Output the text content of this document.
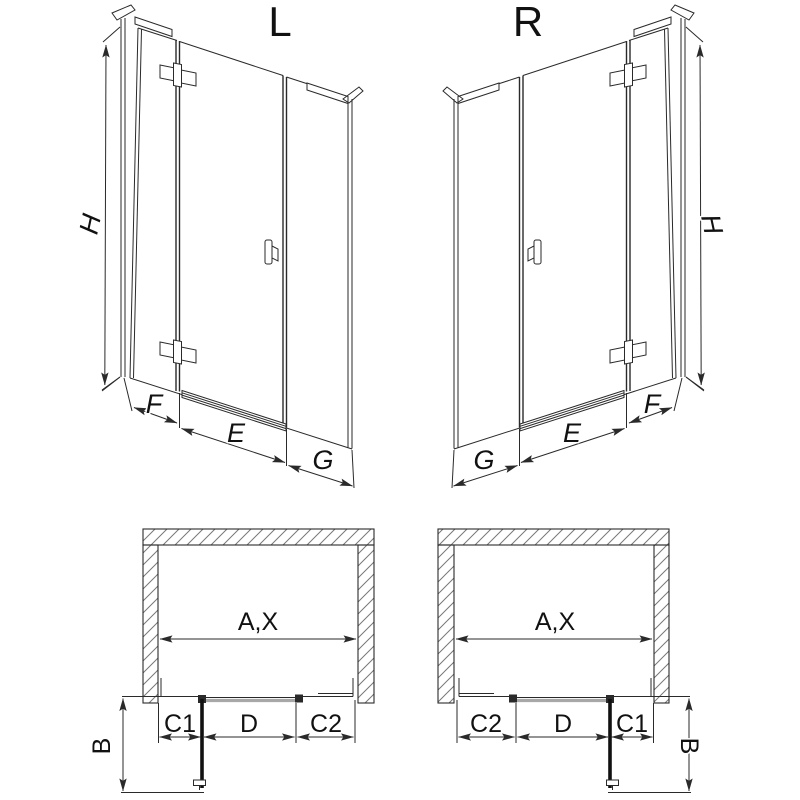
L
H
F
E
G
R
H
G
E
F
A,X
C1 D C2
B
A,X
C2 D C1
B
